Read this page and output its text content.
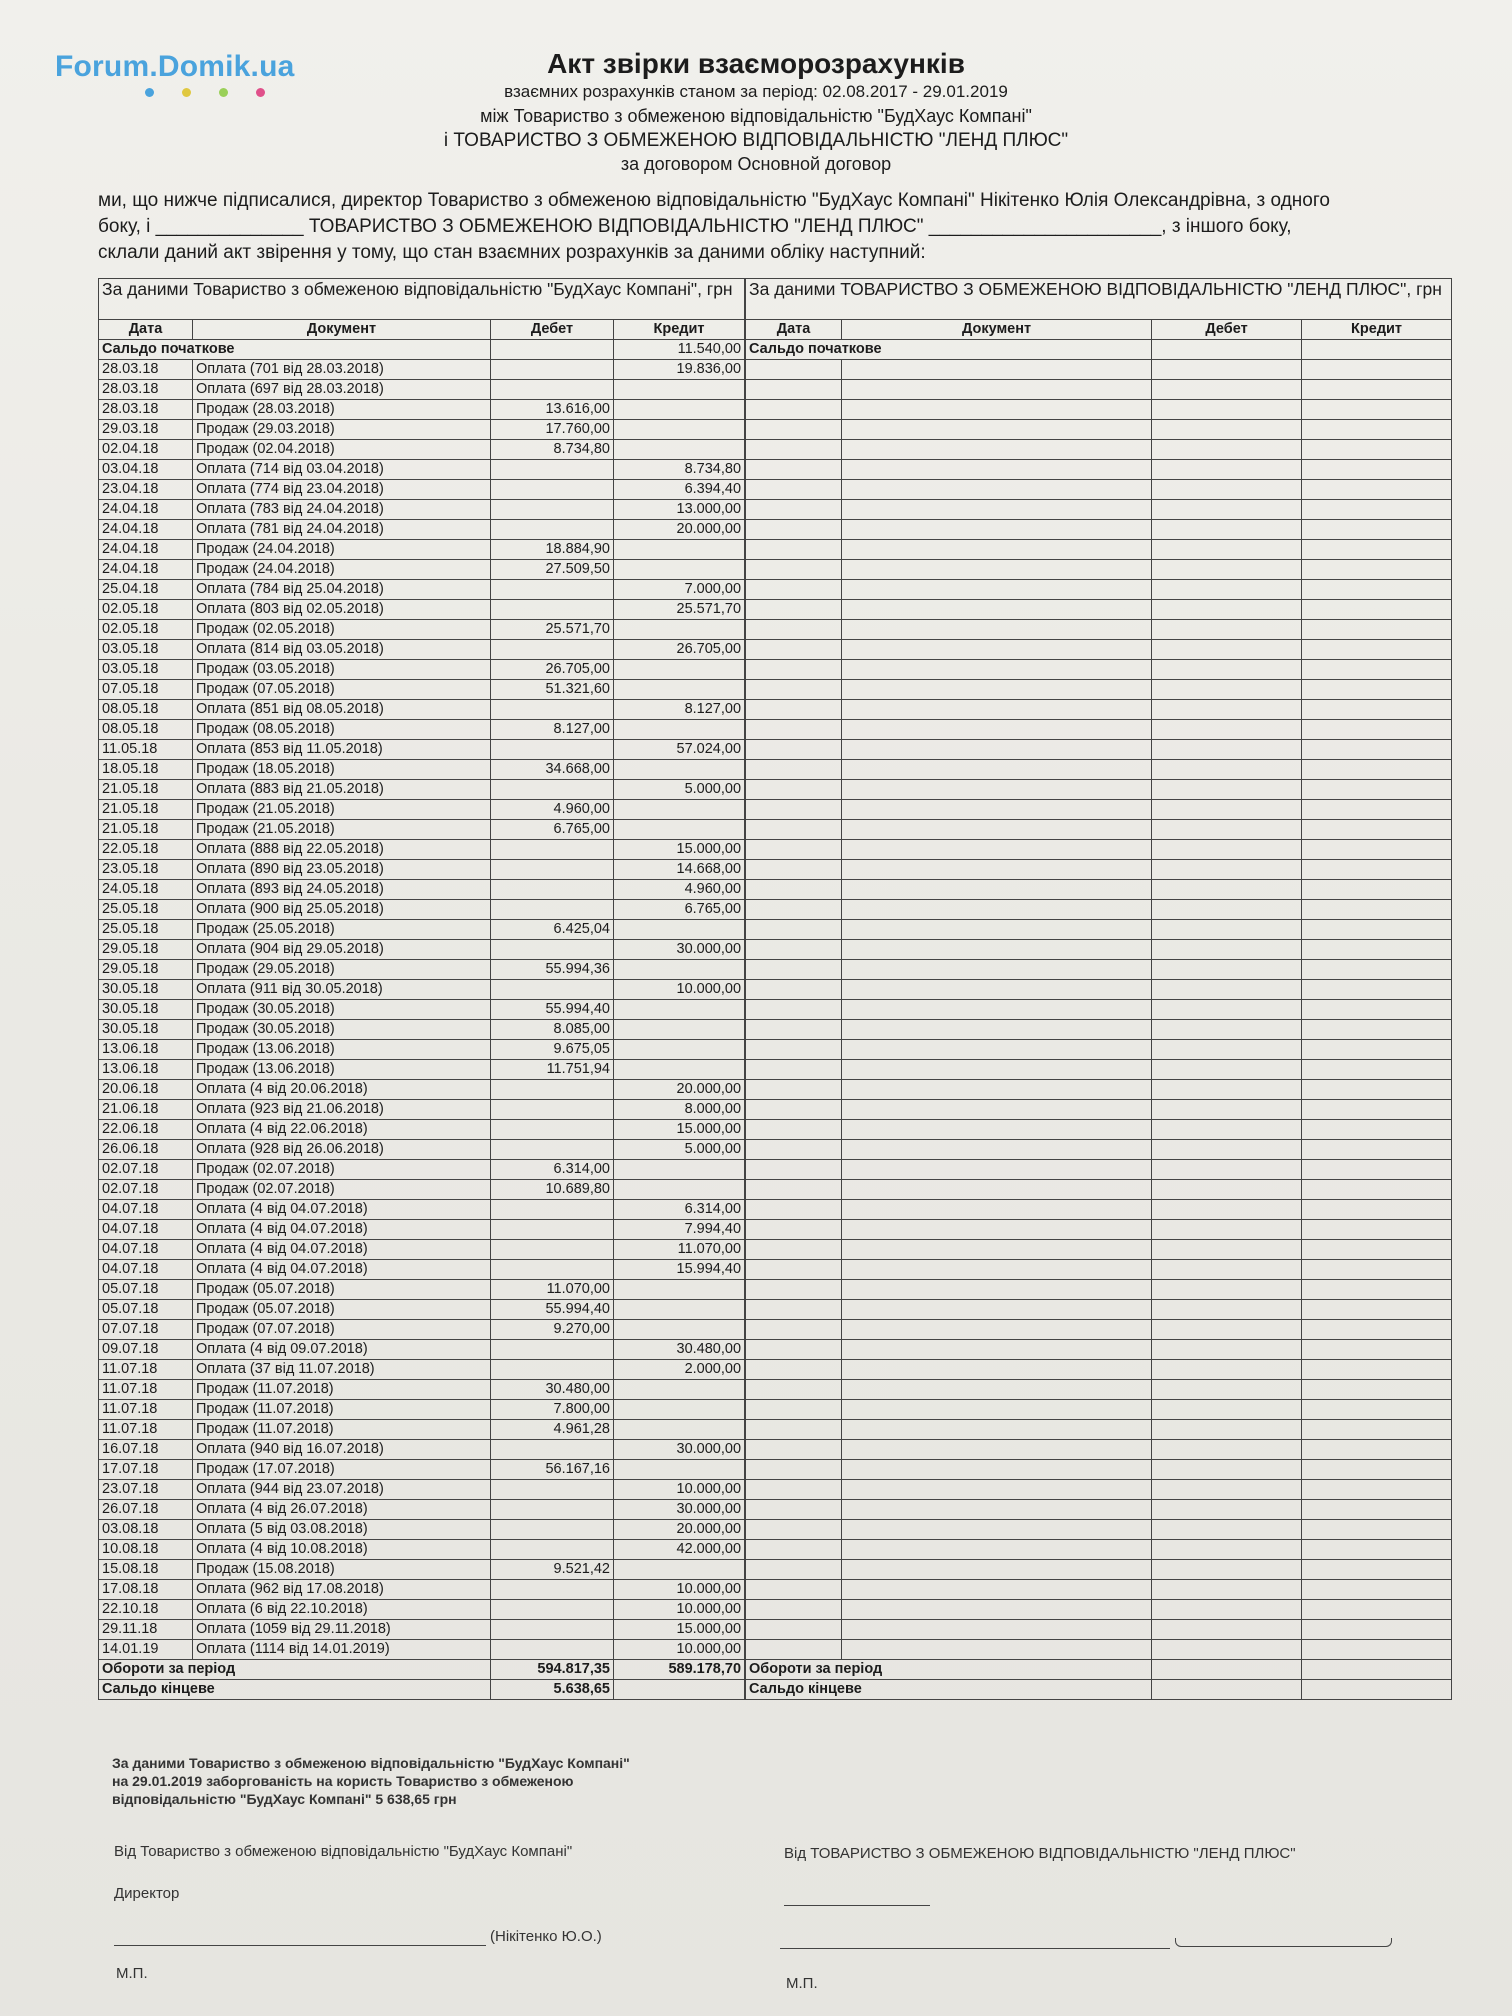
Forum.Domik.ua	Акт звірки взаєморозрахунків
взаємних розрахунків станом за період: 02.08.2017 - 29.01.2019
між Товариство з обмеженою відповідальністю "БудХаус Компані"
і ТОВАРИСТВО З ОБМЕЖЕНОЮ ВІДПОВІДАЛЬНІСТЮ "ЛЕНД ПЛЮС"
за договором Основной договор
ми, що нижче підписалися, директор Товариство з обмеженою відповідальністю "БудХаус Компані" Нікітенко Юлія Олександрівна, з одного
боку, і ______________ ТОВАРИСТВО З ОБМЕЖЕНОЮ ВІДПОВІДАЛЬНІСТЮ "ЛЕНД ПЛЮС" ______________________, з іншого боку,
склали даний акт звірення у тому, що стан взаємних розрахунків за даними обліку наступний:
За даними Товариство з обмеженою відповідальністю "БудХаус Компані", грн			
Дата	Документ	Дебет	Кредит
Сальдо початкове			11.540,00
28.03.18	Оплата (701 від 28.03.2018)		19.836,00
28.03.18	Оплата (697 від 28.03.2018)		
28.03.18	Продаж (28.03.2018)	13.616,00	
29.03.18	Продаж (29.03.2018)	17.760,00	
02.04.18	Продаж (02.04.2018)	8.734,80	
03.04.18	Оплата (714 від 03.04.2018)		8.734,80
23.04.18	Оплата (774 від 23.04.2018)		6.394,40
24.04.18	Оплата (783 від 24.04.2018)		13.000,00
24.04.18	Оплата (781 від 24.04.2018)		20.000,00
24.04.18	Продаж (24.04.2018)	18.884,90	
24.04.18	Продаж (24.04.2018)	27.509,50	
25.04.18	Оплата (784 від 25.04.2018)		7.000,00
02.05.18	Оплата (803 від 02.05.2018)		25.571,70
02.05.18	Продаж (02.05.2018)	25.571,70	
03.05.18	Оплата (814 від 03.05.2018)		26.705,00
03.05.18	Продаж (03.05.2018)	26.705,00	
07.05.18	Продаж (07.05.2018)	51.321,60	
08.05.18	Оплата (851 від 08.05.2018)		8.127,00
08.05.18	Продаж (08.05.2018)	8.127,00	
11.05.18	Оплата (853 від 11.05.2018)		57.024,00
18.05.18	Продаж (18.05.2018)	34.668,00	
21.05.18	Оплата (883 від 21.05.2018)		5.000,00
21.05.18	Продаж (21.05.2018)	4.960,00	
21.05.18	Продаж (21.05.2018)	6.765,00	
22.05.18	Оплата (888 від 22.05.2018)		15.000,00
23.05.18	Оплата (890 від 23.05.2018)		14.668,00
24.05.18	Оплата (893 від 24.05.2018)		4.960,00
25.05.18	Оплата (900 від 25.05.2018)		6.765,00
25.05.18	Продаж (25.05.2018)	6.425,04	
29.05.18	Оплата (904 від 29.05.2018)		30.000,00
29.05.18	Продаж (29.05.2018)	55.994,36	
30.05.18	Оплата (911 від 30.05.2018)		10.000,00
30.05.18	Продаж (30.05.2018)	55.994,40	
30.05.18	Продаж (30.05.2018)	8.085,00	
13.06.18	Продаж (13.06.2018)	9.675,05	
13.06.18	Продаж (13.06.2018)	11.751,94	
20.06.18	Оплата (4 від 20.06.2018)		20.000,00
21.06.18	Оплата (923 від 21.06.2018)		8.000,00
22.06.18	Оплата (4 від 22.06.2018)		15.000,00
26.06.18	Оплата (928 від 26.06.2018)		5.000,00
02.07.18	Продаж (02.07.2018)	6.314,00	
02.07.18	Продаж (02.07.2018)	10.689,80	
04.07.18	Оплата (4 від 04.07.2018)		6.314,00
04.07.18	Оплата (4 від 04.07.2018)		7.994,40
04.07.18	Оплата (4 від 04.07.2018)		11.070,00
04.07.18	Оплата (4 від 04.07.2018)		15.994,40
05.07.18	Продаж (05.07.2018)	11.070,00	
05.07.18	Продаж (05.07.2018)	55.994,40	
07.07.18	Продаж (07.07.2018)	9.270,00	
09.07.18	Оплата (4 від 09.07.2018)		30.480,00
11.07.18	Оплата (37 від 11.07.2018)		2.000,00
11.07.18	Продаж (11.07.2018)	30.480,00	
11.07.18	Продаж (11.07.2018)	7.800,00	
11.07.18	Продаж (11.07.2018)	4.961,28	
16.07.18	Оплата (940 від 16.07.2018)		30.000,00
17.07.18	Продаж (17.07.2018)	56.167,16	
23.07.18	Оплата (944 від 23.07.2018)		10.000,00
26.07.18	Оплата (4 від 26.07.2018)		30.000,00
03.08.18	Оплата (5 від 03.08.2018)		20.000,00
10.08.18	Оплата (4 від 10.08.2018)		42.000,00
15.08.18	Продаж (15.08.2018)	9.521,42	
17.08.18	Оплата (962 від 17.08.2018)		10.000,00
22.10.18	Оплата (6 від 22.10.2018)		10.000,00
29.11.18	Оплата (1059 від 29.11.2018)		15.000,00
14.01.19	Оплата (1114 від 14.01.2019)		10.000,00
Обороти за період		594.817,35	589.178,70
Сальдо кінцеве		5.638,65	
За даними ТОВАРИСТВО З ОБМЕЖЕНОЮ ВІДПОВІДАЛЬНІСТЮ "ЛЕНД ПЛЮС", грн			
Дата	Документ	Дебет	Кредит
Сальдо початкове			

Обороти за період			
Сальдо кінцеве			
За даними Товариство з обмеженою відповідальністю "БудХаус Компані"
на 29.01.2019 заборгованість на користь Товариство з обмеженою
відповідальністю "БудХаус Компані" 5 638,65 грн
Від Товариство з обмеженою відповідальністю "БудХаус Компані"	Від ТОВАРИСТВО З ОБМЕЖЕНОЮ ВІДПОВІДАЛЬНІСТЮ "ЛЕНД ПЛЮС"
Директор
(Нікітенко Ю.О.)
М.П.
М.П.
